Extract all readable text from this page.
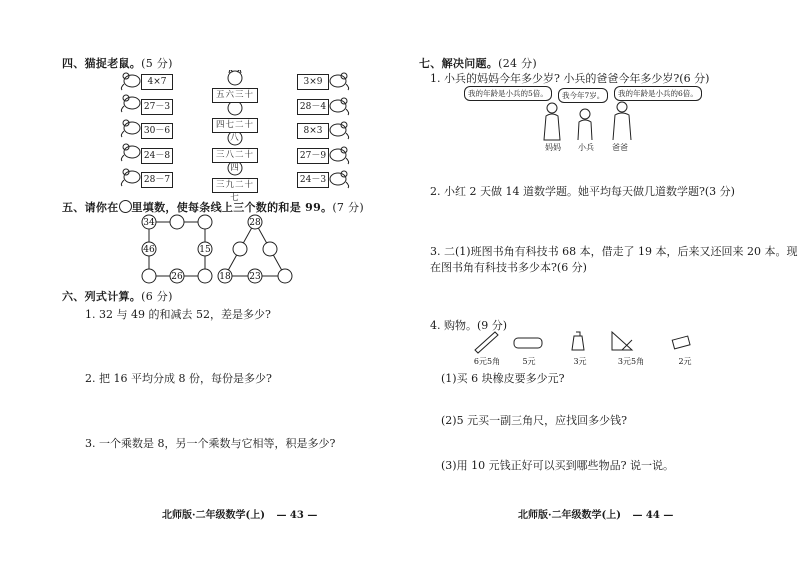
四、猫捉老鼠。(5 分)
4×7
27－3
30－6
24－8
28－7
五六三十
四七二十八
三八二十四
三九二十七
3×9
28－4
8×3
27－9
24－3
五、请你在 里填数，使每条线上三个数的和是 99。(7 分)
34
46	15
26
28
18 23
六、列式计算。(6 分)
1. 32 与 49 的和减去 52，差是多少?
2. 把 16 平均分成 8 份，每份是多少?
3. 一个乘数是 8，另一个乘数与它相等，积是多少?
北师版·二年级数学(上) — 43 —
七、解决问题。(24 分)
1. 小兵的妈妈今年多少岁? 小兵的爸爸今年多少岁?(6 分)
我的年龄是小兵的5倍。	我今年7岁。	我的年龄是小兵的6倍。
妈妈 小兵 爸爸
2. 小红 2 天做 14 道数学题。她平均每天做几道数学题?(3 分)
3. 二(1)班图书角有科技书 68 本，借走了 19 本，后来又还回来 20 本。现在 图书角有科技书多少本?(6 分)
4. 购物。(9 分)
6元5角	5元	3元	3元5角	2元
(1)买 6 块橡皮要多少元?
(2)5 元买一副三角尺，应找回多少钱?
(3)用 10 元钱正好可以买到哪些物品? 说一说。
北师版·二年级数学(上) — 44 —
